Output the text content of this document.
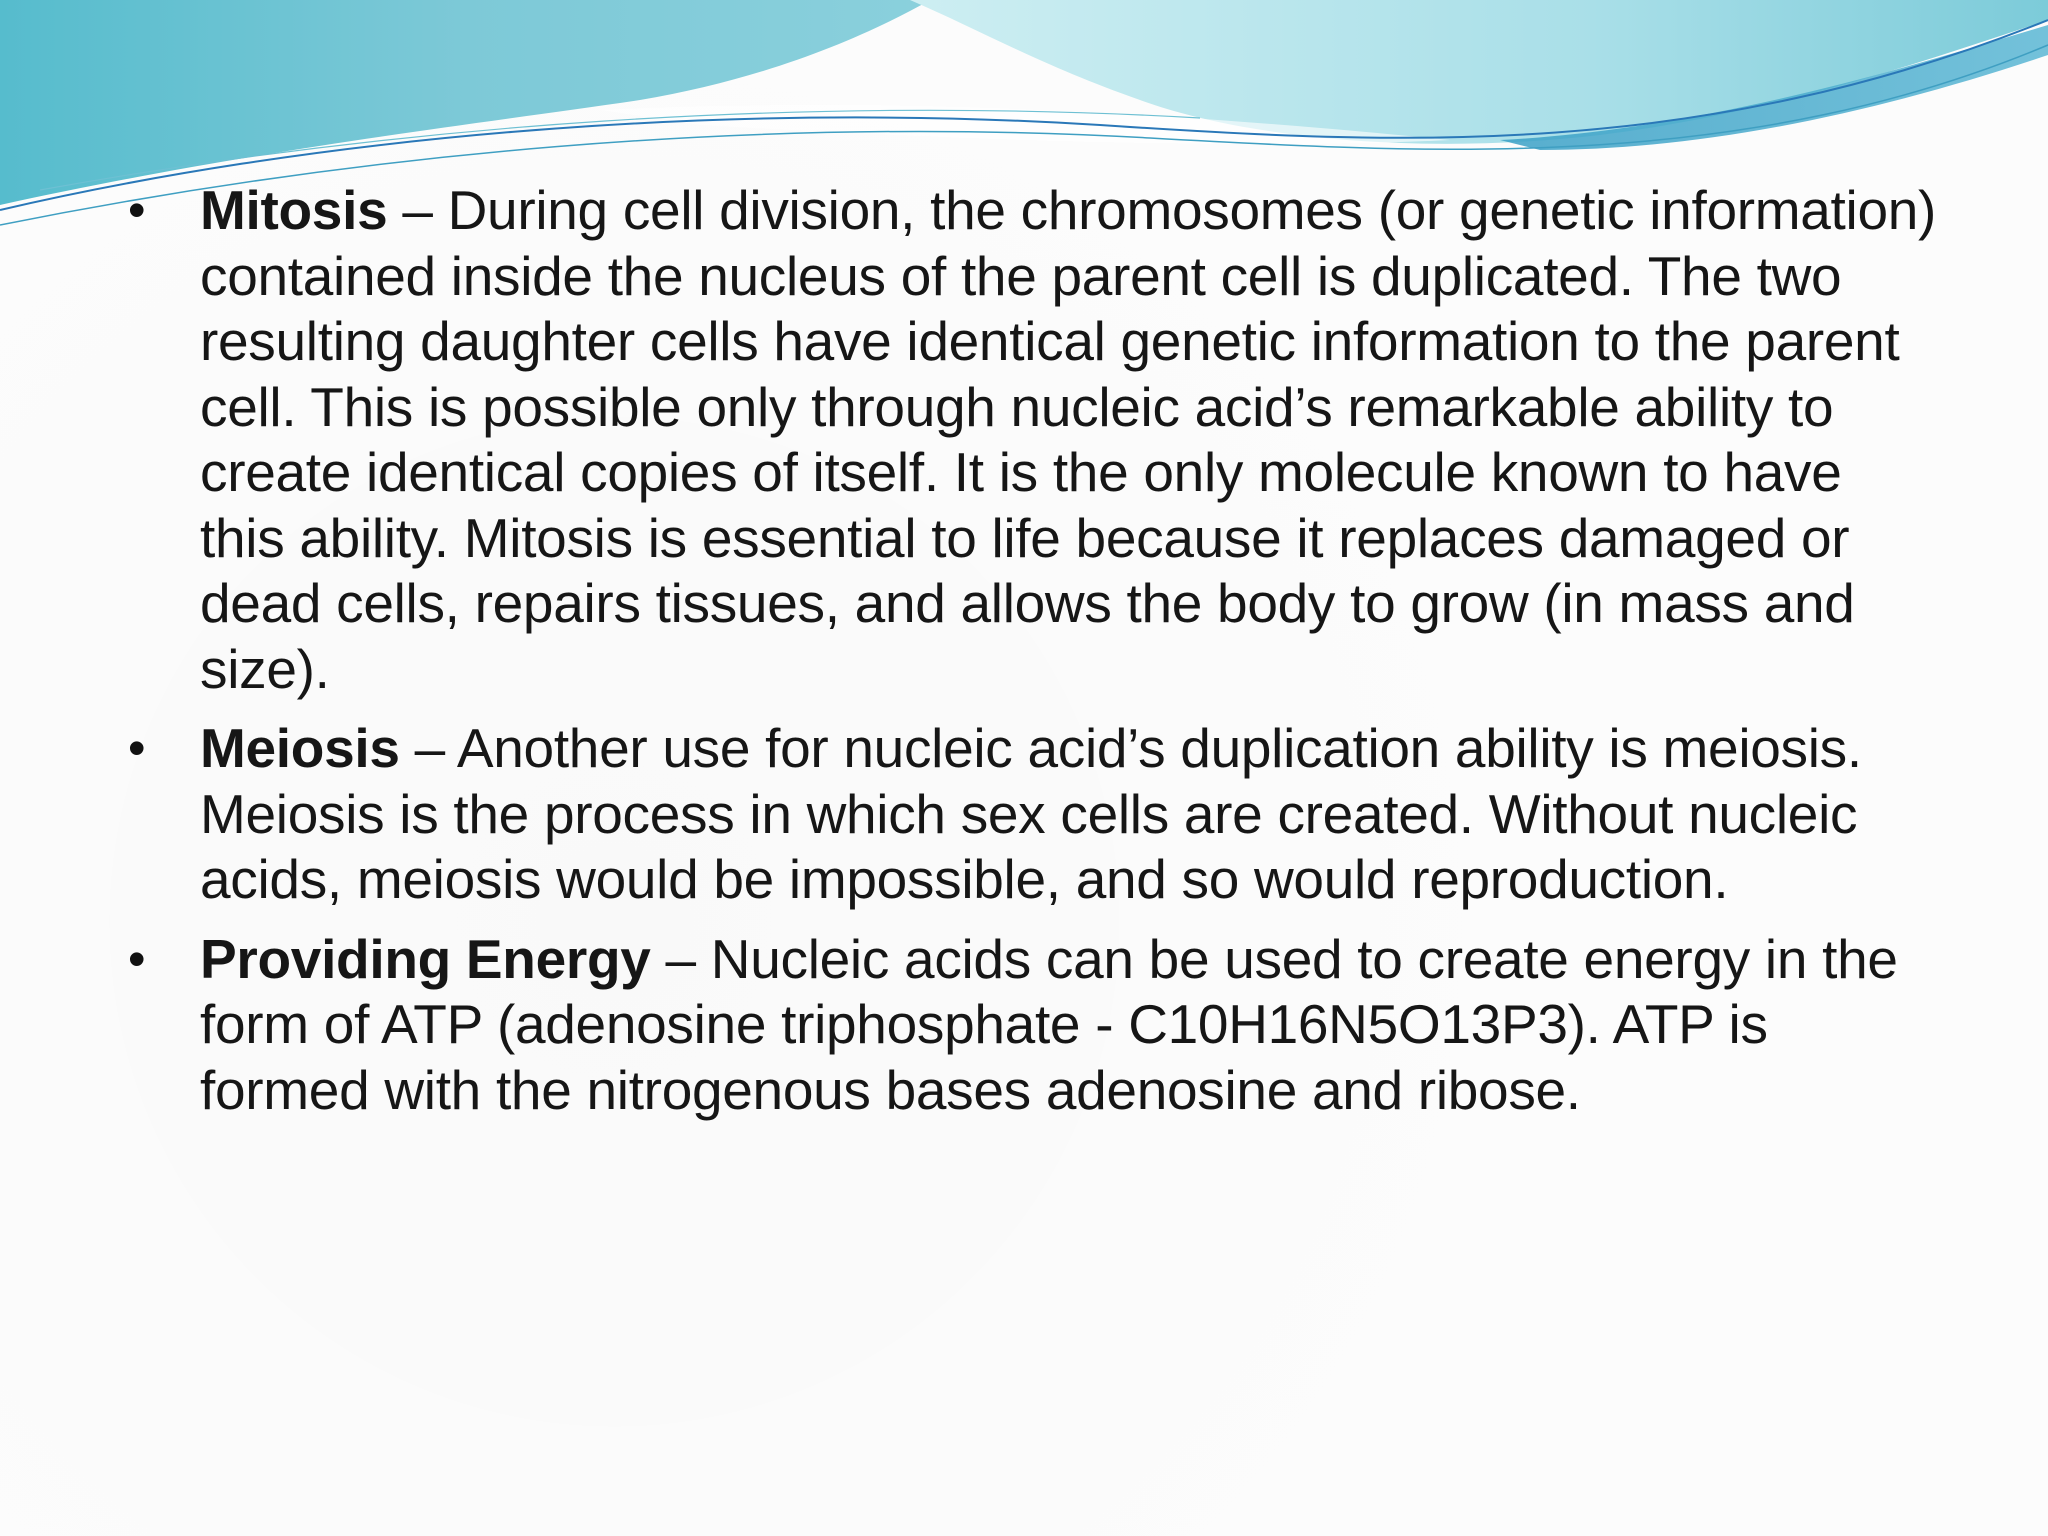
• Mitosis – During cell division, the chromosomes (or genetic information) contained inside the nucleus of the parent cell is duplicated. The two resulting daughter cells have identical genetic information to the parent cell. This is possible only through nucleic acid’s remarkable ability to create identical copies of itself. It is the only molecule known to have this ability. Mitosis is essential to life because it replaces damaged or dead cells, repairs tissues, and allows the body to grow (in mass and size).
• Meiosis – Another use for nucleic acid’s duplication ability is meiosis. Meiosis is the process in which sex cells are created. Without nucleic acids, meiosis would be impossible, and so would reproduction.
• Providing Energy – Nucleic acids can be used to create energy in the form of ATP (adenosine triphosphate - C10H16N5O13P3). ATP is formed with the nitrogenous bases adenosine and ribose.
